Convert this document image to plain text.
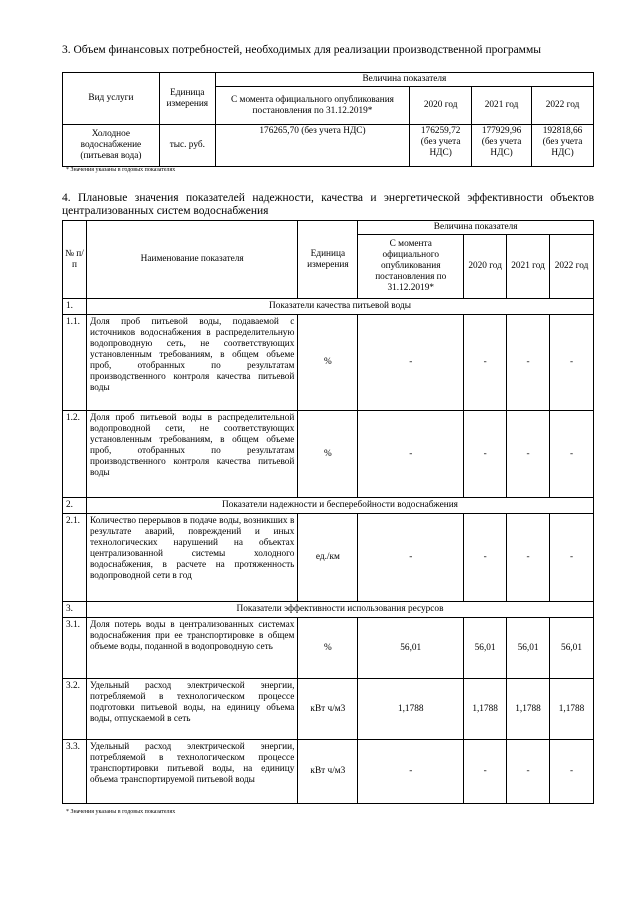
3. Объем финансовых потребностей, необходимых для реализации производственной программы
Вид услуги	Единица измерения	Величина показателя			
		С момента официального опубликования постановления по 31.12.2019*	2020 год	2021 год	2022 год
Холодное водоснабжение (питьевая вода)	тыс. руб.	176265,70 (без учета НДС)	176259,72 (без учета НДС)	177929,96 (без учета НДС)	192818,66 (без учета НДС)
* Значения указаны в годовых показателях
4. Плановые значения показателей надежности, качества и энергетической эффективности объектов централизованных систем водоснабжения
№ п/п	Наименование показателя	Единица измерения	Величина показателя			
			С момента официального опубликования постановления по 31.12.2019*	2020 год	2021 год	2022 год
1.	Показатели качества питьевой воды					
1.1.	Доля проб питьевой воды, подаваемой с источников водоснабжения в распределительную водопроводную сеть, не соответствующих установленным требованиям, в общем объеме проб, отобранных по результатам производственного контроля качества питьевой воды	%	-	-	-	-
1.2.	Доля проб питьевой воды в распределительной водопроводной сети, не соответствующих установленным требованиям, в общем объеме проб, отобранных по результатам производственного контроля качества питьевой воды	%	-	-	-	-
2.	Показатели надежности и бесперебойности водоснабжения					
2.1.	Количество перерывов в подаче воды, возникших в результате аварий, повреждений и иных технологических нарушений на объектах централизованной системы холодного водоснабжения, в расчете на протяженность водопроводной сети в год	ед./км	-	-	-	-
3.	Показатели эффективности использования ресурсов					
3.1.	Доля потерь воды в централизованных системах водоснабжения при ее транспортировке в общем объеме воды, поданной в водопроводную сеть	%	56,01	56,01	56,01	56,01
3.2.	Удельный расход электрической энергии, потребляемой в технологическом процессе подготовки питьевой воды, на единицу объема воды, отпускаемой в сеть	кВт ч/м3	1,1788	1,1788	1,1788	1,1788
3.3.	Удельный расход электрической энергии, потребляемой в технологическом процессе транспортировки питьевой воды, на единицу объема транспортируемой питьевой воды	кВт ч/м3	-	-	-	-
* Значения указаны в годовых показателях
